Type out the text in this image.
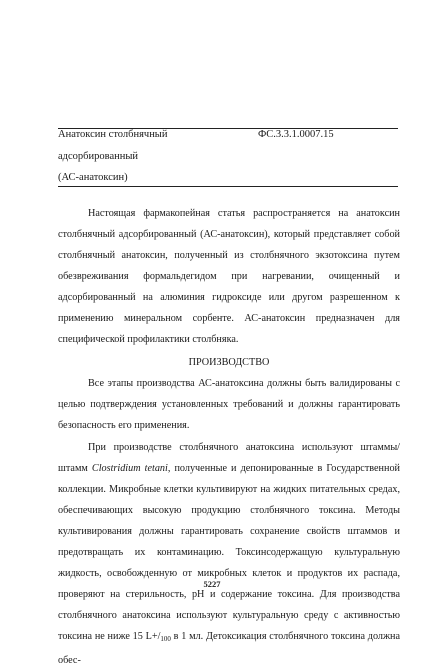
Анатоксин столбнячный	ФС.3.3.1.0007.15
адсорбированный
(АС-анатоксин)

Настоящая фармакопейная статья распространяется на анатоксин столбнячный адсорбированный (АС-анатоксин), который представляет собой столбнячный анатоксин, полученный из столбнячного экзотоксина путем обезвреживания формальдегидом при нагревании, очищенный и адсорбированный на алюминия гидроксиде или другом разрешенном к применению минеральном сорбенте. АС-анатоксин предназначен для специфической профилактики столбняка.

ПРОИЗВОДСТВО

Все этапы производства АС-анатоксина должны быть валидированы с целью подтверждения установленных требований и должны гарантировать безопасность его применения.

При производстве столбнячного анатоксина используют штаммы/штамм Clostridium tetani, полученные и депонированные в Государственной коллекции. Микробные клетки культивируют на жидких питательных средах, обеспечивающих высокую продукцию столбнячного токсина. Методы культивирования должны гарантировать сохранение свойств штаммов и предотвращать их контаминацию. Токсинсодержащую культуральную жидкость, освобожденную от микробных клеток и продуктов их распада, проверяют на стерильность, pH и содержание токсина. Для производства столбнячного анатоксина используют культуральную среду с активностью токсина не ниже 15 $L+/_{100}$ в 1 мл. Детоксикация столбнячного токсина должна обес-

5227
